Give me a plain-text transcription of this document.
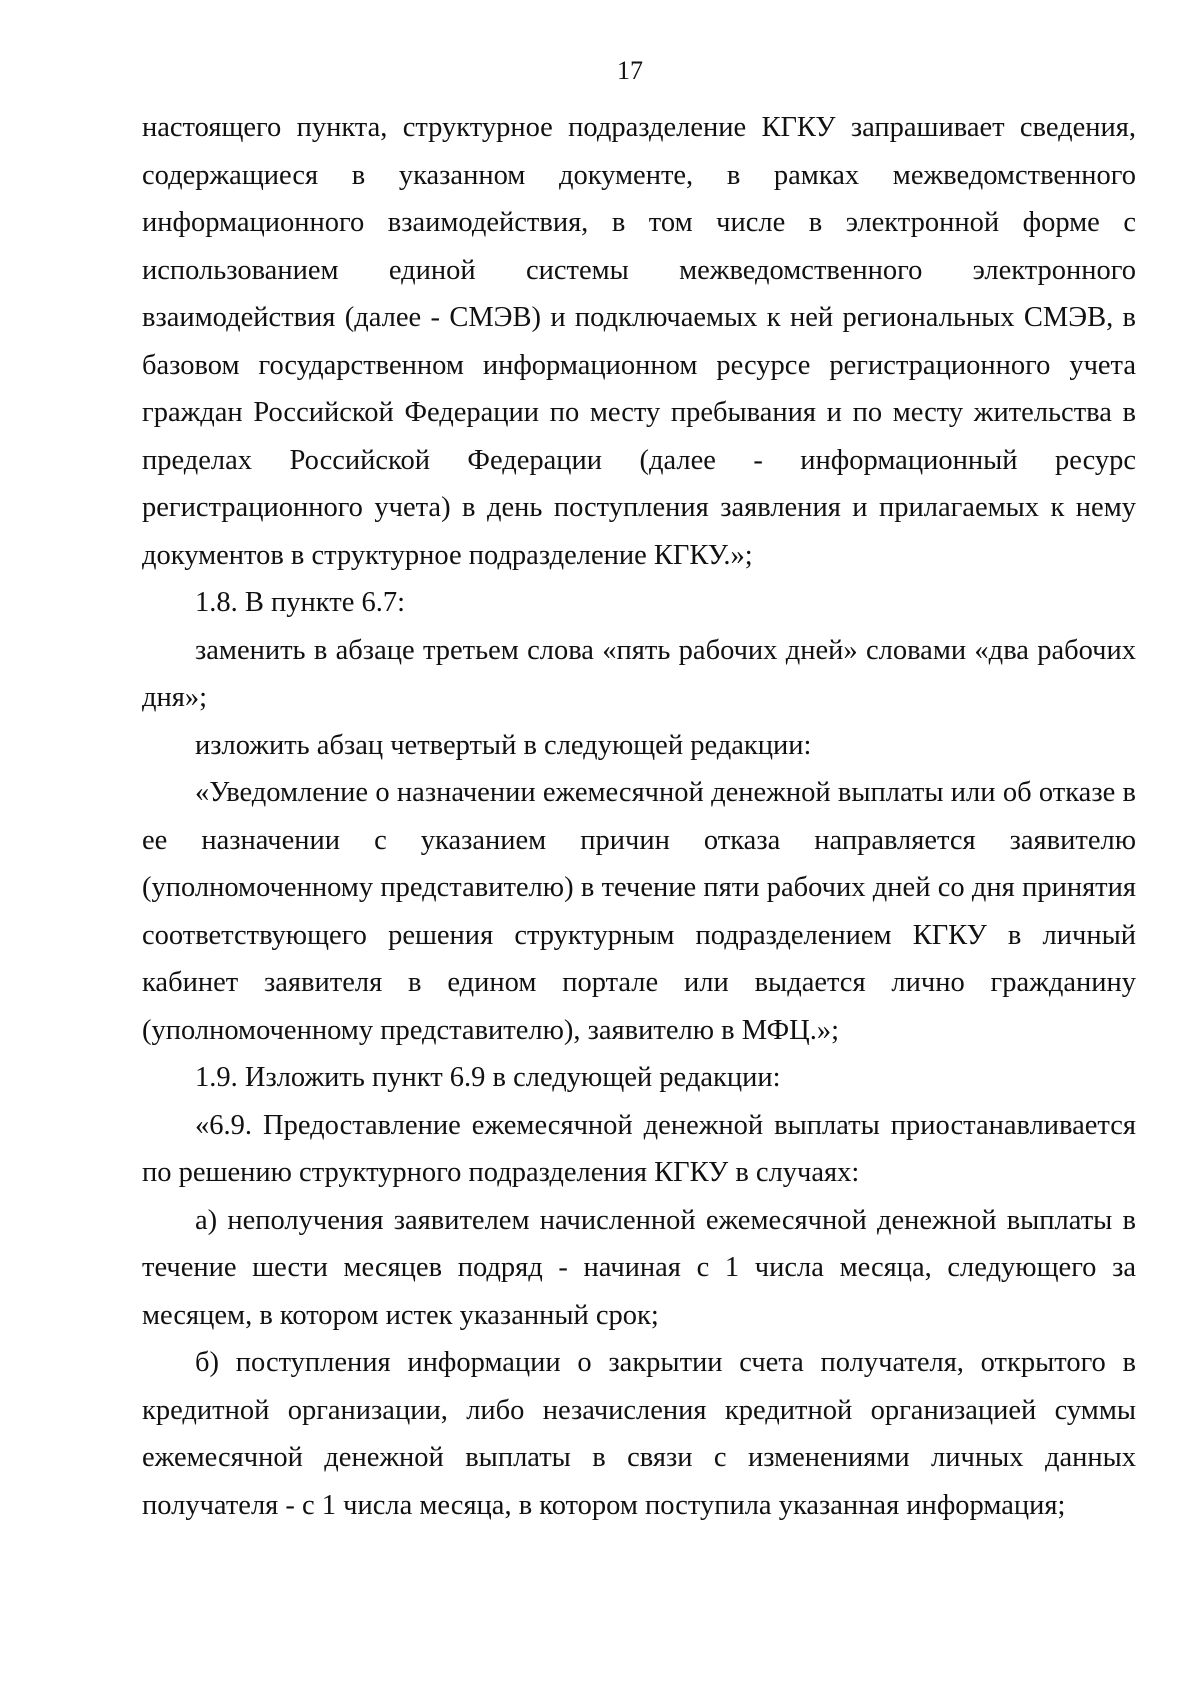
17

настоящего пункта, структурное подразделение КГКУ запрашивает сведения, содержащиеся в указанном документе, в рамках межведомственного информационного взаимодействия, в том числе в электронной форме с использованием единой системы межведомственного электронного взаимодействия (далее - СМЭВ) и подключаемых к ней региональных СМЭВ, в базовом государственном информационном ресурсе регистрационного учета граждан Российской Федерации по месту пребывания и по месту жительства в пределах Российской Федерации (далее - информационный ресурс регистрационного учета) в день поступления заявления и прилагаемых к нему документов в структурное подразделение КГКУ.»;

1.8. В пункте 6.7:

заменить в абзаце третьем слова «пять рабочих дней» словами «два рабочих дня»;

изложить абзац четвертый в следующей редакции:

«Уведомление о назначении ежемесячной денежной выплаты или об отказе в ее назначении с указанием причин отказа направляется заявителю (уполномоченному представителю) в течение пяти рабочих дней со дня принятия соответствующего решения структурным подразделением КГКУ в личный кабинет заявителя в едином портале или выдается лично гражданину (уполномоченному представителю), заявителю в МФЦ.»;

1.9. Изложить пункт 6.9 в следующей редакции:

«6.9. Предоставление ежемесячной денежной выплаты приостанавливается по решению структурного подразделения КГКУ в случаях:

а) неполучения заявителем начисленной ежемесячной денежной выплаты в течение шести месяцев подряд - начиная с 1 числа месяца, следующего за месяцем, в котором истек указанный срок;

б) поступления информации о закрытии счета получателя, открытого в кредитной организации, либо незачисления кредитной организацией суммы ежемесячной денежной выплаты в связи с изменениями личных данных получателя - с 1 числа месяца, в котором поступила указанная информация;
